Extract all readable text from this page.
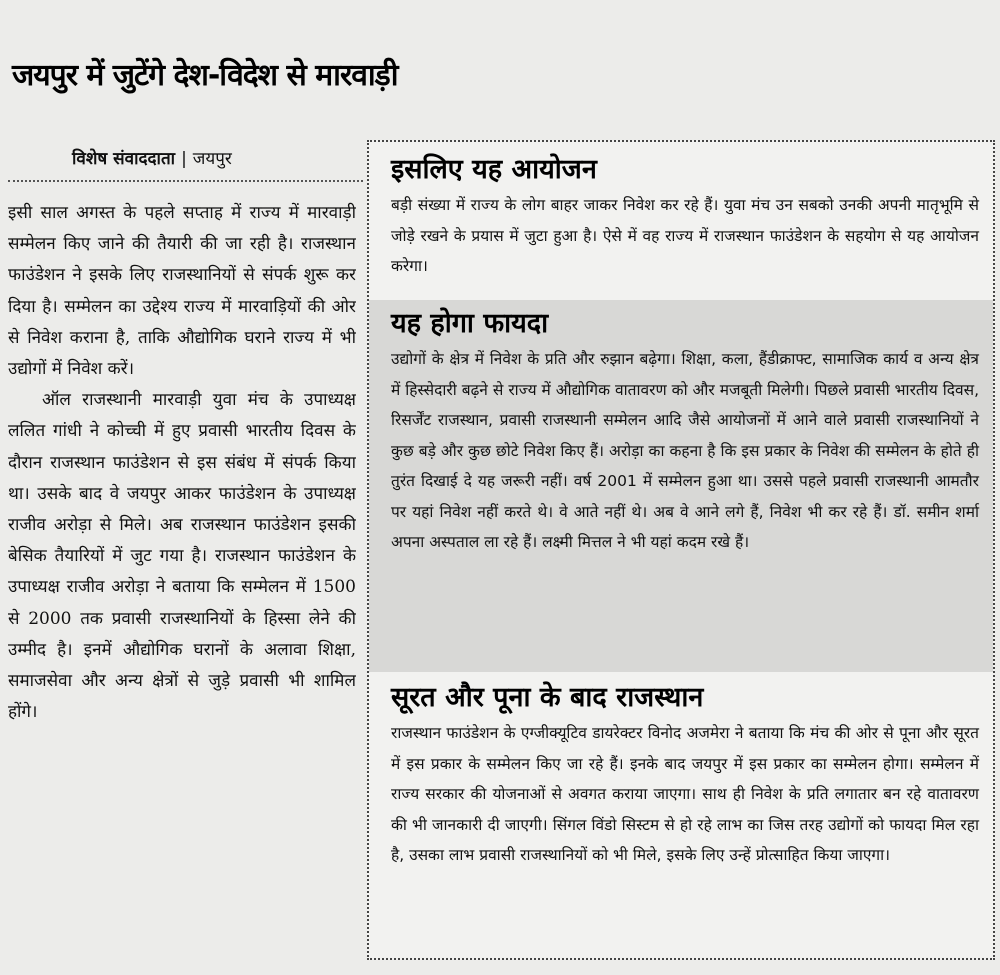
जयपुर में जुटेंगे देश-विदेश से मारवाड़ी
विशेष संवाददाता | जयपुर

इसी साल अगस्त के पहले सप्ताह में राज्य में मारवाड़ी सम्मेलन किए जाने की तैयारी की जा रही है। राजस्थान फाउंडेशन ने इसके लिए राजस्थानियों से संपर्क शुरू कर दिया है। सम्मेलन का उद्देश्य राज्य में मारवाड़ियों की ओर से निवेश कराना है, ताकि औद्योगिक घराने राज्य में भी उद्योगों में निवेश करें।

ऑल राजस्थानी मारवाड़ी युवा मंच के उपाध्यक्ष ललित गांधी ने कोच्ची में हुए प्रवासी भारतीय दिवस के दौरान राजस्थान फाउंडेशन से इस संबंध में संपर्क किया था। उसके बाद वे जयपुर आकर फाउंडेशन के उपाध्यक्ष राजीव अरोड़ा से मिले। अब राजस्थान फाउंडेशन इसकी बेसिक तैयारियों में जुट गया है। राजस्थान फाउंडेशन के उपाध्यक्ष राजीव अरोड़ा ने बताया कि सम्मेलन में 1500 से 2000 तक प्रवासी राजस्थानियों के हिस्सा लेने की उम्मीद है। इनमें औद्योगिक घरानों के अलावा शिक्षा, समाजसेवा और अन्य क्षेत्रों से जुड़े प्रवासी भी शामिल होंगे।

इसलिए यह आयोजन
बड़ी संख्या में राज्य के लोग बाहर जाकर निवेश कर रहे हैं। युवा मंच उन सबको उनकी अपनी मातृभूमि से जोड़े रखने के प्रयास में जुटा हुआ है। ऐसे में वह राज्य में राजस्थान फाउंडेशन के सहयोग से यह आयोजन करेगा।
यह होगा फायदा
उद्योगों के क्षेत्र में निवेश के प्रति और रुझान बढ़ेगा। शिक्षा, कला, हैंडीक्राफ्ट, सामाजिक कार्य व अन्य क्षेत्र में हिस्सेदारी बढ़ने से राज्य में औद्योगिक वातावरण को और मजबूती मिलेगी। पिछले प्रवासी भारतीय दिवस, रिसर्जेंट राजस्थान, प्रवासी राजस्थानी सम्मेलन आदि जैसे आयोजनों में आने वाले प्रवासी राजस्थानियों ने कुछ बड़े और कुछ छोटे निवेश किए हैं। अरोड़ा का कहना है कि इस प्रकार के निवेश की सम्मेलन के होते ही तुरंत दिखाई दे यह जरूरी नहीं। वर्ष 2001 में सम्मेलन हुआ था। उससे पहले प्रवासी राजस्थानी आमतौर पर यहां निवेश नहीं करते थे। वे आते नहीं थे। अब वे आने लगे हैं, निवेश भी कर रहे हैं। डॉ. समीन शर्मा अपना अस्पताल ला रहे हैं। लक्ष्मी मित्तल ने भी यहां कदम रखे हैं।
सूरत और पूना के बाद राजस्थान
राजस्थान फाउंडेशन के एग्जीक्यूटिव डायरेक्टर विनोद अजमेरा ने बताया कि मंच की ओर से पूना और सूरत में इस प्रकार के सम्मेलन किए जा रहे हैं। इनके बाद जयपुर में इस प्रकार का सम्मेलन होगा। सम्मेलन में राज्य सरकार की योजनाओं से अवगत कराया जाएगा। साथ ही निवेश के प्रति लगातार बन रहे वातावरण की भी जानकारी दी जाएगी। सिंगल विंडो सिस्टम से हो रहे लाभ का जिस तरह उद्योगों को फायदा मिल रहा है, उसका लाभ प्रवासी राजस्थानियों को भी मिले, इसके लिए उन्हें प्रोत्साहित किया जाएगा।
